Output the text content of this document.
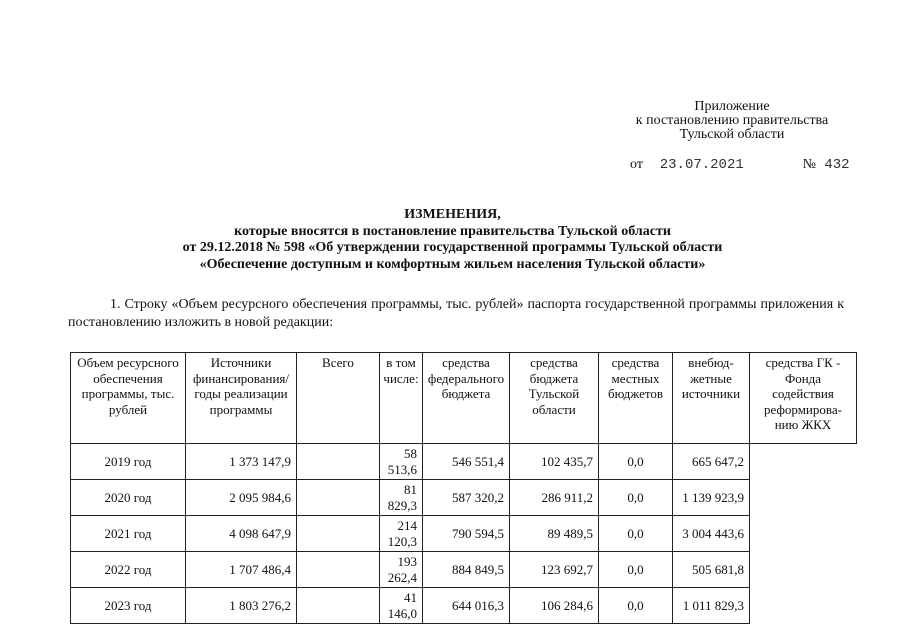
Приложение
к постановлению правительства
Тульской области
от 23.07.2021	№ 432
ИЗМЕНЕНИЯ,
которые вносятся в постановление правительства Тульской области
от 29.12.2018 № 598 «Об утверждении государственной программы Тульской области
«Обеспечение доступным и комфортным жильем населения Тульской области»
1. Строку «Объем ресурсного обеспечения программы, тыс. рублей» паспорта государственной программы приложения к постановлению изложить в новой редакции:
Объем ресурсного обеспечения программы, тыс. рублей	Источники финансирования/ годы реализации программы	Всего	в том числе:	средства федерального бюджета	средства бюджета Тульской области	средства местных бюджетов	внебюд-жетные источники	средства ГК - Фонда содействия реформирова-нию ЖКХ
2019 год	1 373 147,9		58 513,6	546 551,4	102 435,7	0,0	665 647,2	
2020 год	2 095 984,6		81 829,3	587 320,2	286 911,2	0,0	1 139 923,9	
2021 год	4 098 647,9		214 120,3	790 594,5	89 489,5	0,0	3 004 443,6	
2022 год	1 707 486,4		193 262,4	884 849,5	123 692,7	0,0	505 681,8	
2023 год	1 803 276,2		41 146,0	644 016,3	106 284,6	0,0	1 011 829,3	
